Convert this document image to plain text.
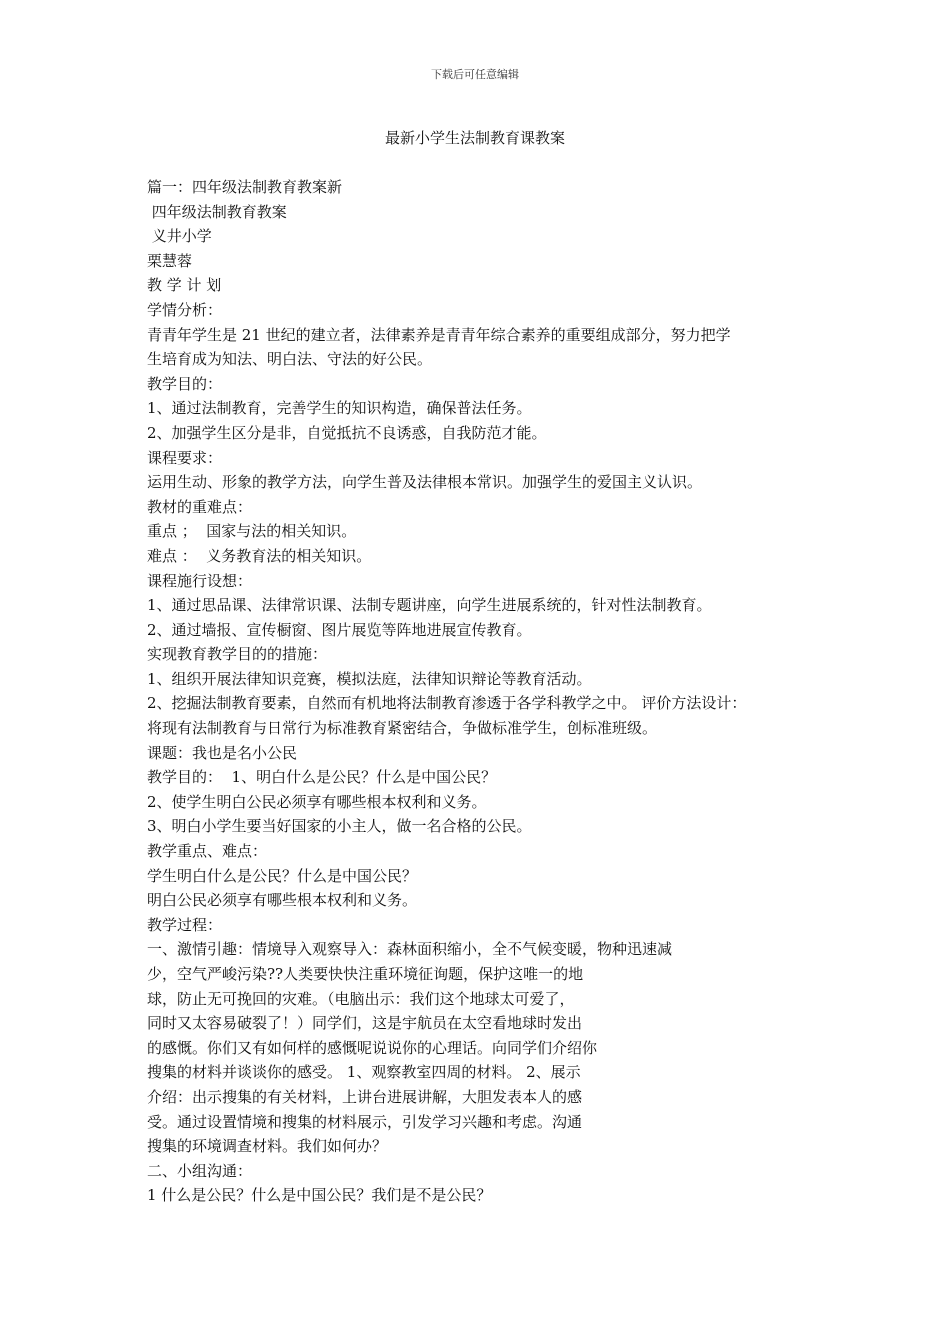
下载后可任意编辑
最新小学生法制教育课教案
篇一：四年级法制教育教案新
四年级法制教育教案
义井小学
栗慧蓉
教 学 计 划
学情分析：
青青年学生是 21 世纪的建立者，法律素养是青青年综合素养的重要组成部分，努力把学
生培育成为知法、明白法、守法的好公民。
教学目的：
1、通过法制教育，完善学生的知识构造，确保普法任务。
2、加强学生区分是非，自觉抵抗不良诱惑，自我防范才能。
课程要求：
运用生动、形象的教学方法，向学生普及法律根本常识。加强学生的爱国主义认识。
教材的重难点：
重点 ；  国家与法的相关知识。
难点 ：  义务教育法的相关知识。
课程施行设想：
1、通过思品课、法律常识课、法制专题讲座，向学生进展系统的，针对性法制教育。
2、通过墙报、宣传橱窗、图片展览等阵地进展宣传教育。
实现教育教学目的的措施：
1、组织开展法律知识竞赛，模拟法庭，法律知识辩论等教育活动。
2、挖掘法制教育要素，自然而有机地将法制教育渗透于各学科教学之中。 评价方法设计：
将现有法制教育与日常行为标准教育紧密结合，争做标准学生，创标准班级。
课题：我也是名小公民
教学目的：  1、明白什么是公民？什么是中国公民？
2、使学生明白公民必须享有哪些根本权利和义务。
3、明白小学生要当好国家的小主人，做一名合格的公民。
教学重点、难点：
学生明白什么是公民？什么是中国公民？
明白公民必须享有哪些根本权利和义务。
教学过程：
一、激情引趣：情境导入观察导入：森林面积缩小，全不气候变暖，物种迅速减
少，空气严峻污染??人类要快快注重环境征询题，保护这唯一的地
球，防止无可挽回的灾难。（电脑出示：我们这个地球太可爱了，
同时又太容易破裂了！）同学们，这是宇航员在太空看地球时发出
的感慨。你们又有如何样的感慨呢说说你的心理话。向同学们介绍你
搜集的材料并谈谈你的感受。 1、观察教室四周的材料。 2、展示
介绍：出示搜集的有关材料，上讲台进展讲解，大胆发表本人的感
受。通过设置情境和搜集的材料展示，引发学习兴趣和考虑。沟通
搜集的环境调查材料。我们如何办？
二、小组沟通：
1 什么是公民？什么是中国公民？我们是不是公民？
